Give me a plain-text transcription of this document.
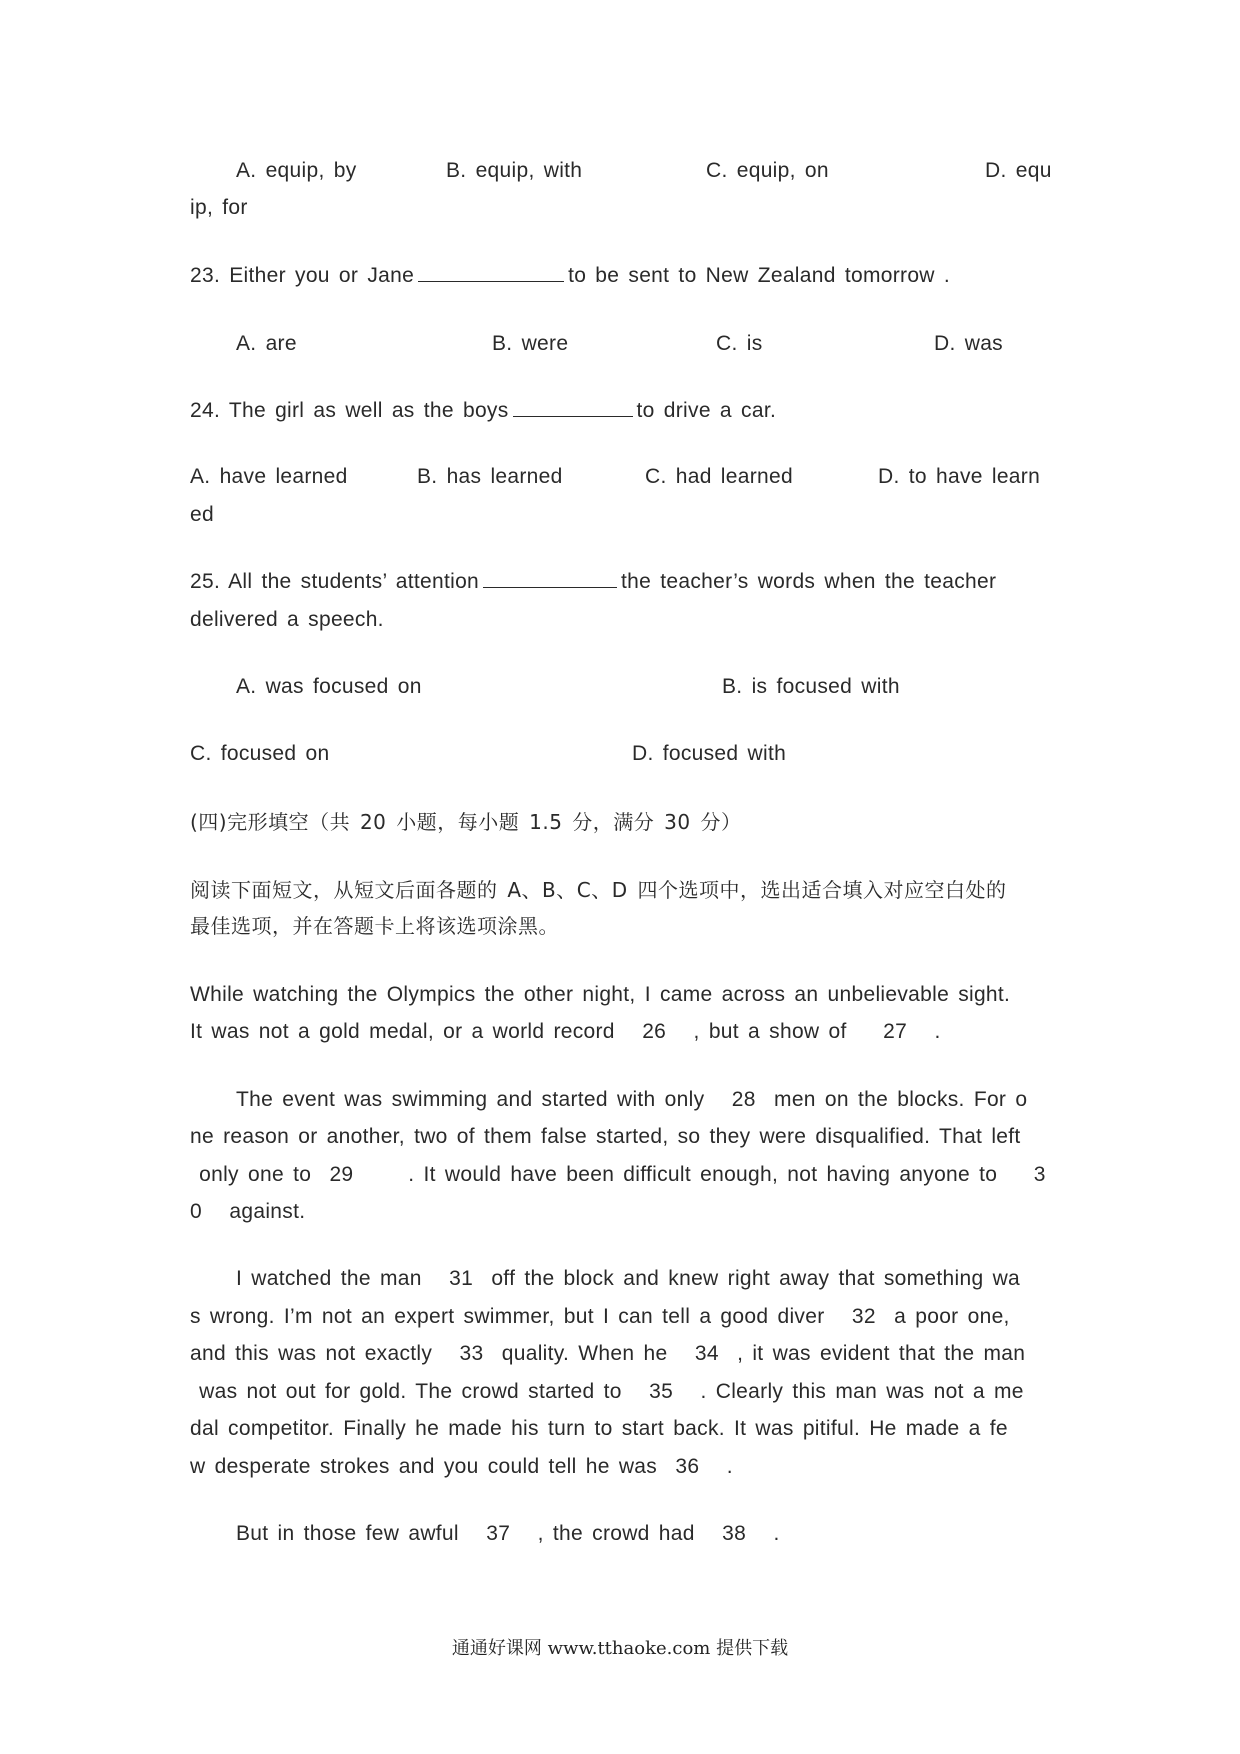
A. equip, by	B. equip, with	C. equip, on	D. equ

ip, for

23. Either you or Jane	to be sent to New Zealand tomorrow .

A. are	B. were	C. is	D. was

24. The girl as well as the boys	to drive a car.

A. have learned	B. has learned	C. had learned	D. to have learn

ed

25. All the students’ attention	the teacher’s words when the teacher

delivered a speech.

A. was focused on	B. is focused with

C. focused on	D. focused with

(四)完形填空（共 20 小题，每小题 1.5 分，满分 30 分）

阅读下面短文，从短文后面各题的 A、B、C、D 四个选项中，选出适合填入对应空白处的

最佳选项，并在答题卡上将该选项涂黑。

While watching the Olympics the other night, I came across an unbelievable sight.

It was not a gold medal, or a world record   26   , but a show of    27   .

The event was swimming and started with only   28  men on the blocks. For o

ne reason or another, two of them false started, so they were disqualified. That left

only one to  29      . It would have been difficult enough, not having anyone to    3

0   against.

I watched the man   31  off the block and knew right away that something wa

s wrong. I’m not an expert swimmer, but I can tell a good diver   32  a poor one,

and this was not exactly   33  quality. When he   34  , it was evident that the man

was not out for gold. The crowd started to   35   . Clearly this man was not a me

dal competitor. Finally he made his turn to start back. It was pitiful. He made a fe

w desperate strokes and you could tell he was  36   .

But in those few awful   37   , the crowd had   38   .

通通好课网 www.tthaoke.com 提供下载
